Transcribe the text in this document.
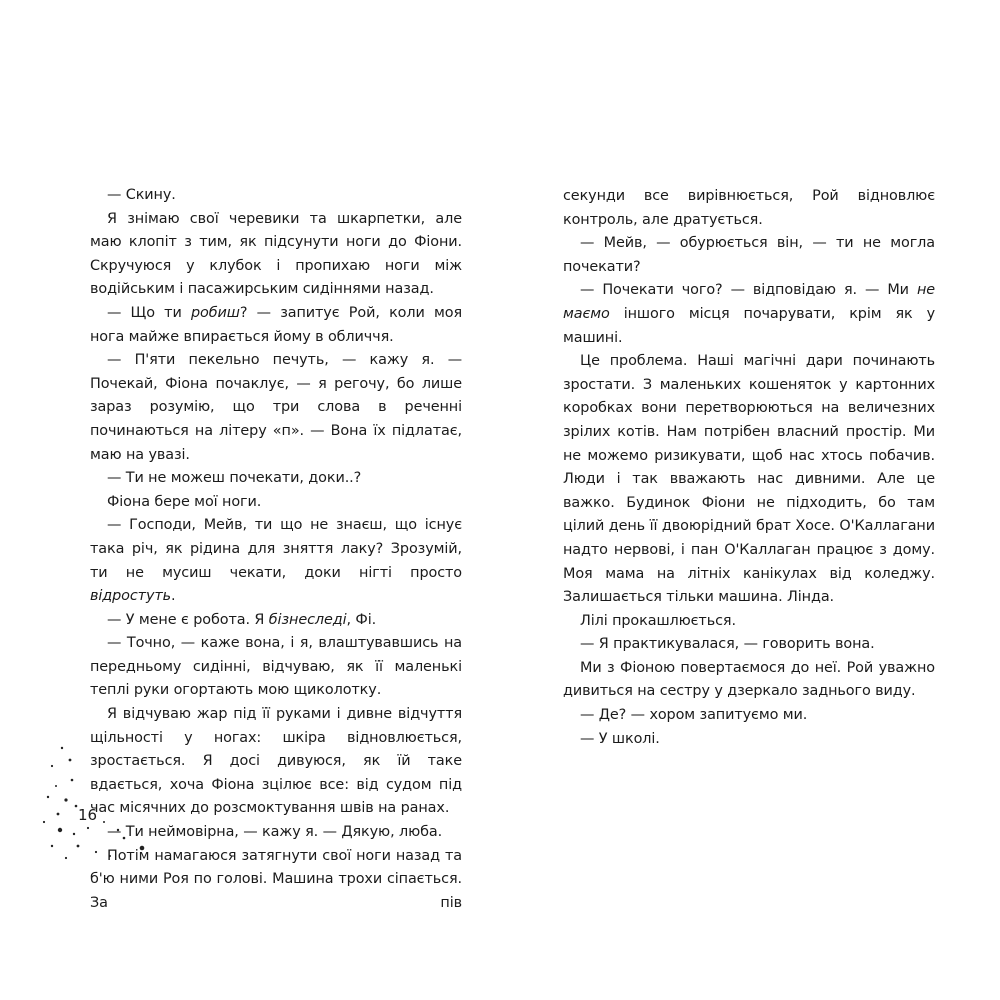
— Скину.

Я знімаю свої черевики та шкарпетки, але маю клопіт з тим, як підсунути ноги до Фіони. Скручуюся у клубок і пропихаю ноги між водійським і пасажирським сидіннями назад.

— Що ти робиш? — запитує Рой, коли моя нога майже впирається йому в обличчя.

— П'яти пекельно печуть, — кажу я. — Почекай, Фіона почаклує, — я регочу, бо лише зараз розумію, що три слова в реченні починаються на літеру «п». — Вона їх підлатає, маю на увазі.

— Ти не можеш почекати, доки..?

Фіона бере мої ноги.

— Господи, Мейв, ти що не знаєш, що існує така річ, як рідина для зняття лаку? Зрозумій, ти не мусиш чекати, доки нігті просто відростуть.

— У мене є робота. Я бізнеследі, Фі.

— Точно, — каже вона, і я, влаштувавшись на передньому сидінні, відчуваю, як її маленькі теплі руки огортають мою щиколотку.

Я відчуваю жар під її руками і дивне відчуття щільності у ногах: шкіра відновлюється, зростається. Я досі дивуюся, як їй таке вдається, хоча Фіона зцілює все: від судом під час місячних до розсмоктування швів на ранах.

— Ти неймовірна, — кажу я. — Дякую, люба.

Потім намагаюся затягнути свої ноги назад та б'ю ними Роя по голові. Машина трохи сіпається. За пів

секунди все вирівнюється, Рой відновлює контроль, але дратується.

— Мейв, — обурюється він, — ти не могла почекати?

— Почекати чого? — відповідаю я. — Ми не маємо іншого місця почарувати, крім як у машині.

Це проблема. Наші магічні дари починають зростати. З маленьких кошеняток у картонних коробках вони перетворюються на величезних зрілих котів. Нам потрібен власний простір. Ми не можемо ризикувати, щоб нас хтось побачив. Люди і так вважають нас дивними. Але це важко. Будинок Фіони не підходить, бо там цілий день її двоюрідний брат Хосе. О'Каллагани надто нервові, і пан О'Каллаган працює з дому. Моя мама на літніх канікулах від коледжу. Залишається тільки машина. Лінда.

Лілі прокашлюється.

— Я практикувалася, — говорить вона.

Ми з Фіоною повертаємося до неї. Рой уважно дивиться на сестру у дзеркало заднього виду.

— Де? — хором запитуємо ми.

— У школі.

16
